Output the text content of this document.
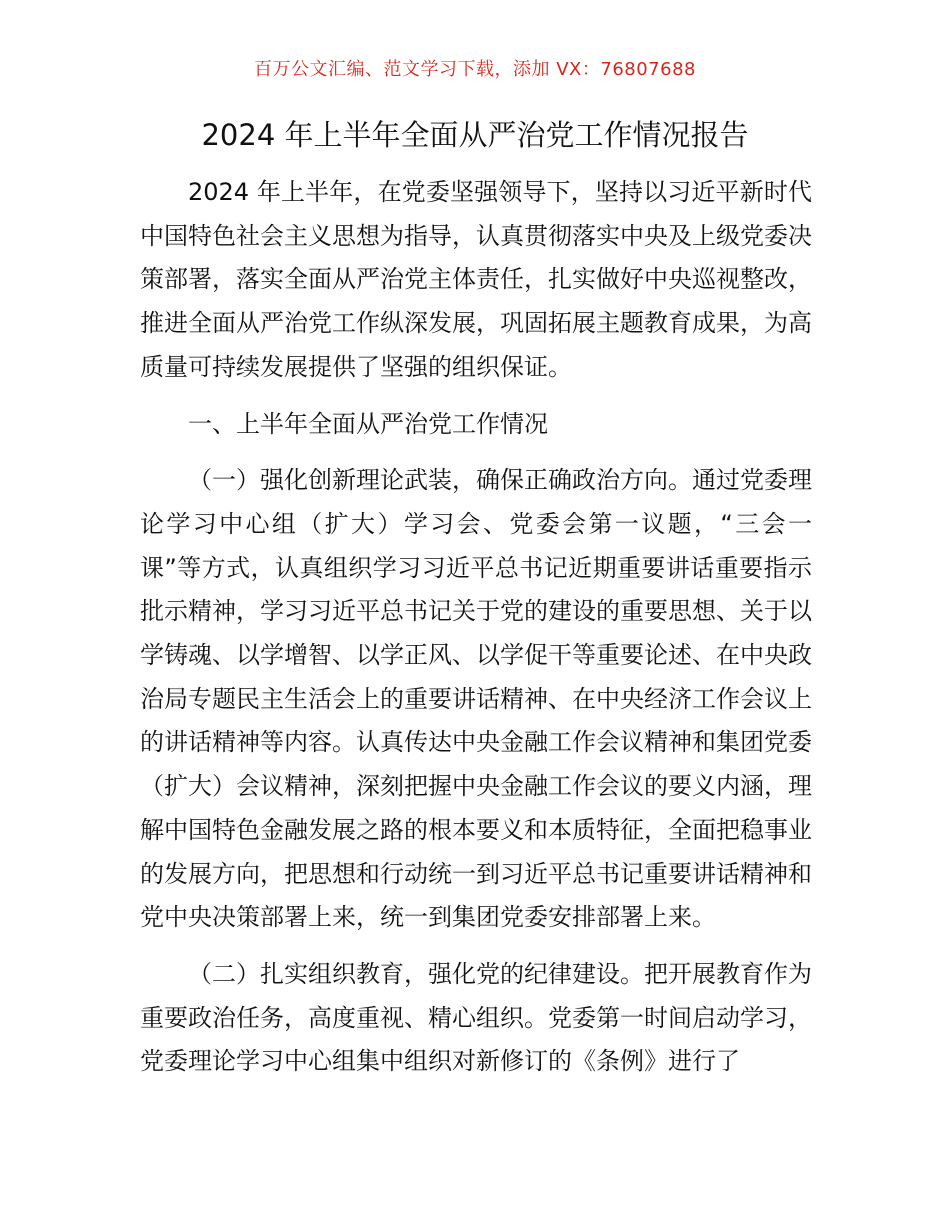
百万公文汇编、范文学习下载，添加 VX：76807688
2024 年上半年全面从严治党工作情况报告

2024 年上半年，在党委坚强领导下，坚持以习近平新时代中国特色社会主义思想为指导，认真贯彻落实中央及上级党委决策部署，落实全面从严治党主体责任，扎实做好中央巡视整改，推进全面从严治党工作纵深发展，巩固拓展主题教育成果，为高质量可持续发展提供了坚强的组织保证。

一、上半年全面从严治党工作情况

（一）强化创新理论武装，确保正确政治方向。通过党委理论学习中心组（扩大）学习会、党委会第一议题，“三会一课”等方式，认真组织学习习近平总书记近期重要讲话重要指示批示精神，学习习近平总书记关于党的建设的重要思想、关于以学铸魂、以学增智、以学正风、以学促干等重要论述、在中央政治局专题民主生活会上的重要讲话精神、在中央经济工作会议上的讲话精神等内容。认真传达中央金融工作会议精神和集团党委（扩大）会议精神，深刻把握中央金融工作会议的要义内涵，理解中国特色金融发展之路的根本要义和本质特征，全面把稳事业的发展方向，把思想和行动统一到习近平总书记重要讲话精神和党中央决策部署上来，统一到集团党委安排部署上来。

（二）扎实组织教育，强化党的纪律建设。把开展教育作为重要政治任务，高度重视、精心组织。党委第一时间启动学习，党委理论学习中心组集中组织对新修订的《条例》进行了
